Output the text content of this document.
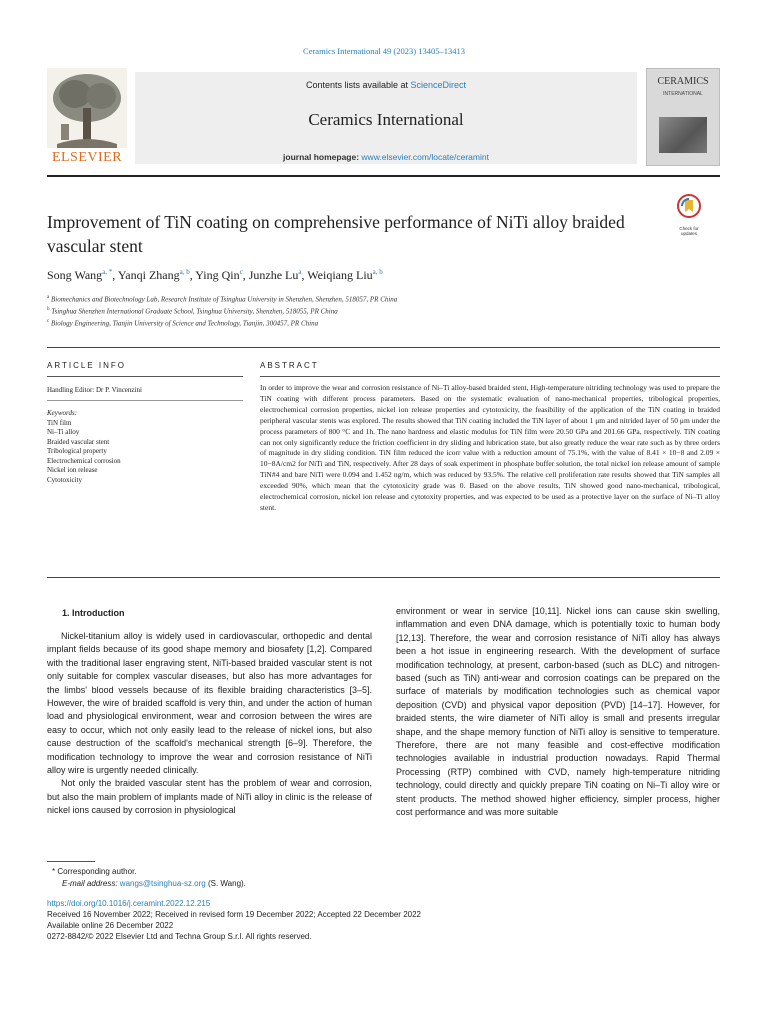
Ceramics International 49 (2023) 13405–13413
ELSEVIER
Contents lists available at ScienceDirect
Ceramics International
journal homepage: www.elsevier.com/locate/ceramint
CERAMICS
INTERNATIONAL
Improvement of TiN coating on comprehensive performance of NiTi alloy braided vascular stent
Check for updates
Song Wang$^{a, *}$, Yanqi Zhang$^{a, b}$, Ying Qin$^c$, Junzhe Lu$^a$, Weiqiang Liu$^{a, b}$
$^a$ Biomechanics and Biotechnology Lab, Research Institute of Tsinghua University in Shenzhen, Shenzhen, 518057, PR China
$^b$ Tsinghua Shenzhen International Graduate School, Tsinghua University, Shenzhen, 518055, PR China
$^c$ Biology Engineering, Tianjin University of Science and Technology, Tianjin, 300457, PR China
ARTICLE INFO	ABSTRACT
Handling Editor: Dr P. Vincenzini
Keywords:
TiN film
Ni–Ti alloy
Braided vascular stent
Tribological property
Electrochemical corrosion
Nickel ion release
Cytotoxicity
In order to improve the wear and corrosion resistance of Ni–Ti alloy-based braided stent, High-temperature nitriding technology was used to prepare the TiN coating with different process parameters. Based on the systematic evaluation of nano-mechanical properties, tribological properties, electrochemical corrosion properties, nickel ion release properties and cytotoxicity, the feasibility of the application of the TiN coating in braided peripheral vascular stents was explored. The results showed that TiN coating included the TiN layer of about 1 μm and nitrided layer of 50 μm under the process parameters of 800 °C and 1h. The nano hardness and elastic modulus for TiN film were 20.50 GPa and 201.66 GPa, respectively. TiN coating can not only significantly reduce the friction coefficient in dry sliding and lubrication state, but also greatly reduce the wear rate such as by three orders of magnitude in dry sliding condition. TiN film reduced the icorr value with a reduction amount of 75.1%, with the value of 8.41 × 10−8 and 2.09 × 10−8A/cm2 for NiTi and TiN, respectively. After 28 days of soak experiment in phosphate buffer solution, the total nickel ion release amount of sample TiN#4 and bare NiTi were 0.094 and 1.452 ng/m, which was reduced by 93.5%. The relative cell proliferation rate results showed that TiN samples all exceeded 90%, which mean that the cytotoxicity grade was 0. Based on the above results, TiN showed good nano-mechanical, tribological, electrochemical corrosion, nickel ion release and cytotoxity properties, and was expected to be used as a protective layer on the surface of Ni–Ti alloy stent.
1. Introduction

Nickel-titanium alloy is widely used in cardiovascular, orthopedic and dental implant fields because of its good shape memory and biosafety [1,2]. Compared with the traditional laser engraving stent, NiTi-based braided vascular stent is not only suitable for complex vascular diseases, but also has more advantages for the limbs' blood vessels because of its flexible braiding characteristics [3–5]. However, the wire of braided scaffold is very thin, and under the action of human load and physiological environment, wear and corrosion between the wires are easy to occur, which not only easily lead to the release of nickel ions, but also cause destruction of the scaffold's mechanical strength [6–9]. Therefore, the modification technology to improve the wear and corrosion resistance of NiTi alloy wire is urgently needed clinically.

Not only the braided vascular stent has the problem of wear and corrosion, but also the main problem of implants made of NiTi alloy in clinic is the release of nickel ions caused by corrosion in physiological

environment or wear in service [10,11]. Nickel ions can cause skin swelling, inflammation and even DNA damage, which is potentially toxic to human body [12,13]. Therefore, the wear and corrosion resistance of NiTi alloy has always been a hot issue in engineering research. With the development of surface modification technology, at present, carbon-based (such as DLC) and nitrogen-based (such as TiN) anti-wear and corrosion coatings can be prepared on the surface of materials by modification technologies such as chemical vapor deposition (CVD) and physical vapor deposition (PVD) [14–17]. However, for braided stents, the wire diameter of NiTi alloy is small and presents irregular shape, and the shape memory function of NiTi alloy is sensitive to temperature. Therefore, there are not many feasible and cost-effective modification technologies available in industrial production nowadays. Rapid Thermal Processing (RTP) combined with CVD, namely high-temperature nitriding technology, could directly and quickly prepare TiN coating on Ni–Ti alloy wire or stent products. The method showed higher efficiency, simpler process, higher cost performance and was more suitable

* Corresponding author.
E-mail address: wangs@tsinghua-sz.org (S. Wang).
https://doi.org/10.1016/j.ceramint.2022.12.215
Received 16 November 2022; Received in revised form 19 December 2022; Accepted 22 December 2022
Available online 26 December 2022
0272-8842/© 2022 Elsevier Ltd and Techna Group S.r.l. All rights reserved.
